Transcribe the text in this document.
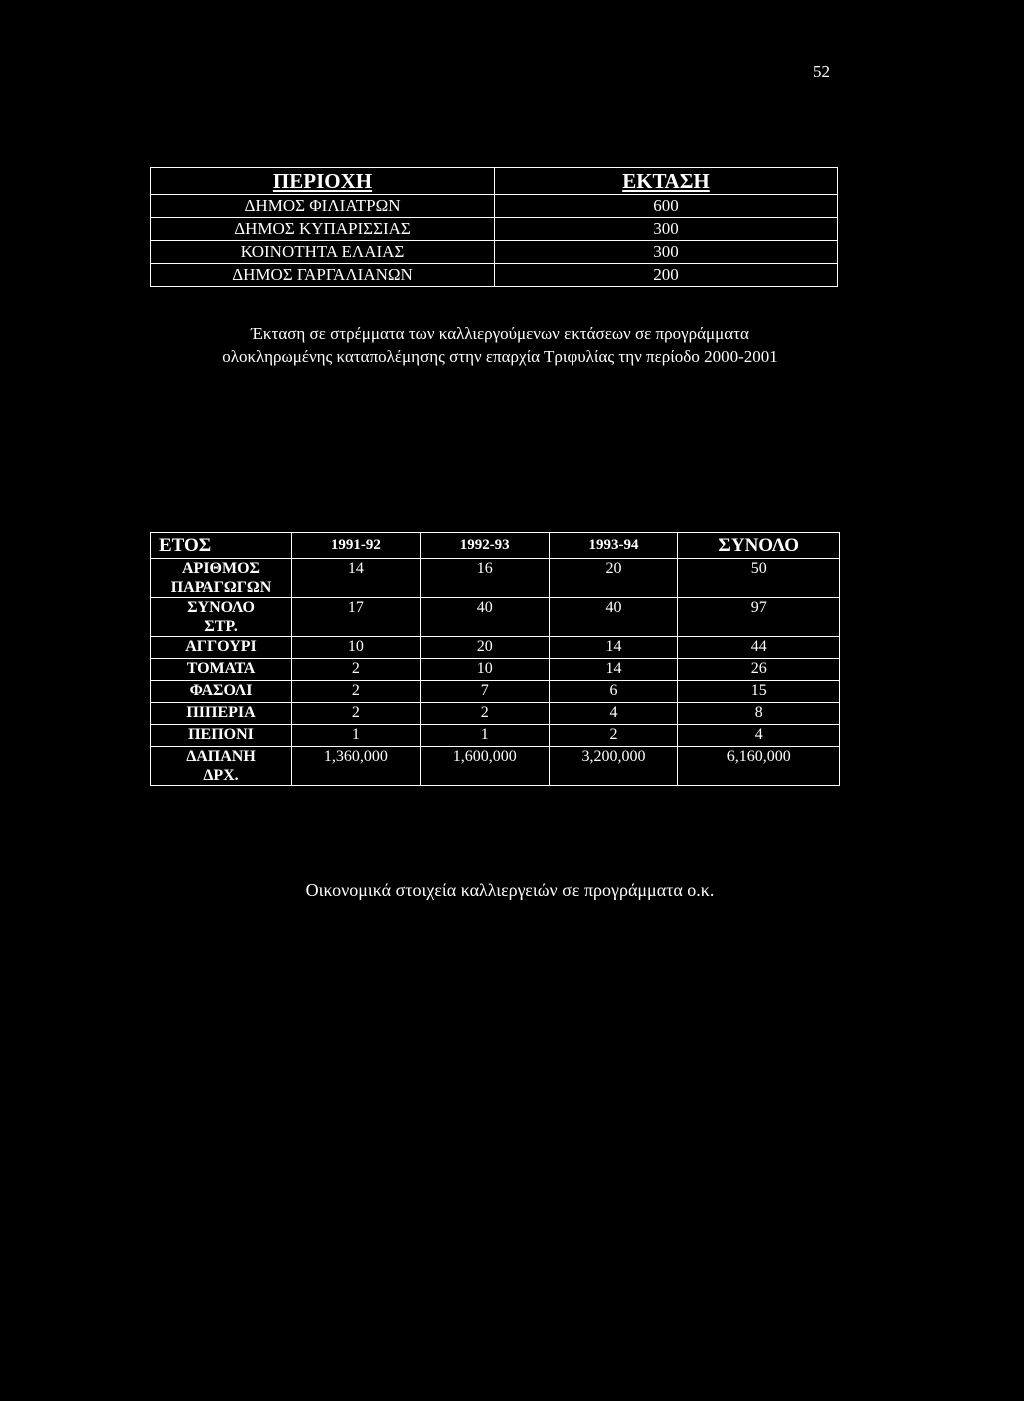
52
ΠΕΡΙΟΧΗ	ΕΚΤΑΣΗ
ΔΗΜΟΣ ΦΙΛΙΑΤΡΩΝ	600
ΔΗΜΟΣ ΚΥΠΑΡΙΣΣΙΑΣ	300
ΚΟΙΝΟΤΗΤΑ ΕΛΑΙΑΣ	300
ΔΗΜΟΣ ΓΑΡΓΑΛΙΑΝΩΝ	200
Έκταση σε στρέμματα των καλλιεργούμενων εκτάσεων σε προγράμματα
ολοκληρωμένης καταπολέμησης στην επαρχία Τριφυλίας την περίοδο 2000-2001
ΕΤΟΣ	1991-92	1992-93	1993-94	ΣΥΝΟΛΟ
ΑΡΙΘΜΟΣ
ΠΑΡΑΓΩΓΩΝ	14	16	20	50
ΣΥΝΟΛΟ
ΣΤΡ.	17	40	40	97
ΑΓΓΟΥΡΙ	10	20	14	44
ΤΟΜΑΤΑ	2	10	14	26
ΦΑΣΟΛΙ	2	7	6	15
ΠΙΠΕΡΙΑ	2	2	4	8
ΠΕΠΟΝΙ	1	1	2	4
ΔΑΠΑΝΗ
ΔΡΧ.	1,360,000	1,600,000	3,200,000	6,160,000
Οικονομικά στοιχεία καλλιεργειών σε προγράμματα ο.κ.
